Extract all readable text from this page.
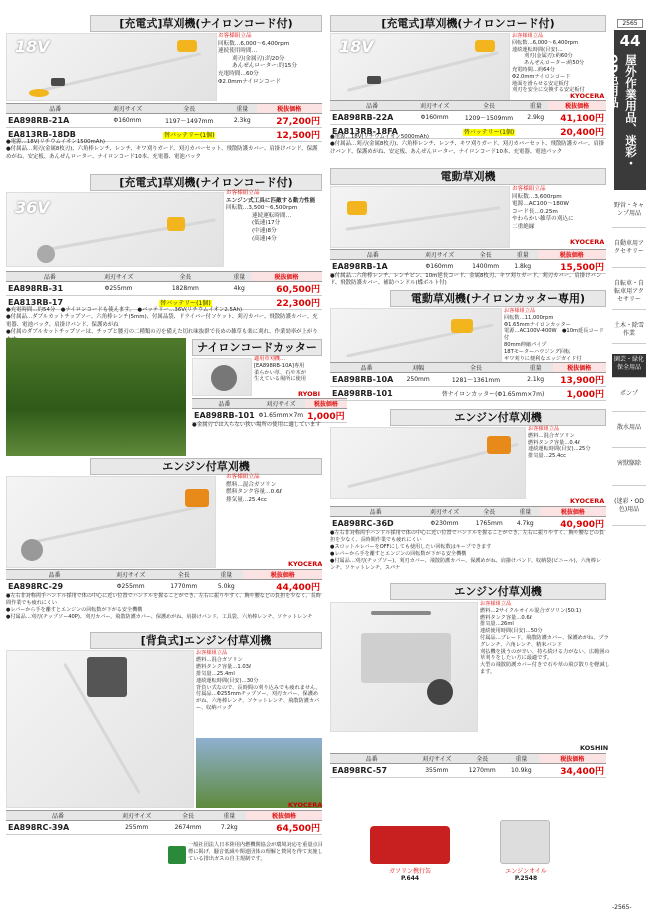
2565
44
屋外作業用品、迷彩・OD色用品
野営・キャンプ用品
自動車用アクセサリー
自転車・自転車用アクセサリー
土木・除雪作業
園芸・緑化保全用品
ポンプ
散水用品
害獣駆除
(迷彩・OD色)用品
[充電式]草刈機(ナイロンコード付)
18V
お客様組立品
回転数…6,000～6,400rpm
連続使用時間…
刈刃(金属刃):約20分
あんぜんローター:約15分
充電時間…60分
Φ2.0mmナイロンコード
品番	刈刃サイズ	全長	重量	税抜価格
EA898RB-21A	Φ160mm	1197～1497mm	2.3kg	27,200円
EA813RB-18DB		替バッテリー(1個)		12,500円
●電源…18V(リチウムイオン1500mAh)
●付属品…刈刃(金属8枚刃)、六角棒レンチ、レンチ、キワ刈りガード、刈刃カバーセット、飛散防護カバー、肩掛けバンド、保護めがね、安定板、あんぜんローター、ナイロンコード10本、充電器、電池パック
[充電式]草刈機(ナイロンコード付)
18V
お客様組立品
回転数…6,000～6,400rpm
連続運転時間(目安)…
刈刃(金属刃):約60分
あんぜんローター:約50分
充電時間…約64分
Φ2.0mmナイロンコード
地面を滑らせる安定板付
刈刃を安全に交換する安定板付
KYOCERA
品番	刈刃サイズ	全長	重量	税抜価格
EA898RB-22A	Φ160mm	1209～1509mm	2.9kg	41,100円
EA813RB-18FA		替バッテリー(1個)		20,400円
●電源…18V(リチウムイオン5000mAh)
●付属品…刈刃(金属8枚刃)、六角棒レンチ、レンチ、キワ刈りガード、刈刃カバーセット、飛散防護カバー、肩掛けバンド、保護めがね、安定板、あんぜんローター、ナイロンコード10本、充電器、電池パック
[充電式]草刈機(ナイロンコード付)
36V
お客様組立品
エンジン式工具に匹敵する動力性能
回転数…3,500～6,500rpm
連続運転時間…
(低速)17分
(中速)8分
(高速)4分
品番	刈刃サイズ	全長	重量	税抜価格
EA898RB-31	Φ255mm	1828mm	4kg	60,500円
EA813RB-17		替バッテリー(1個)		22,300円
●充電時間…約54分　●ナイロンコードも使えます。　●バッテリー…36V(リチウムイオン2.5Ah)
●付属品…ダブルカットチップソー、六角棒レンチ(5mm)、付属品袋、ドライバー付ソケット、刈刃カバー、飛散防護カバー、充電器、電池パック、肩掛けバンド、保護めがね
●付属のダブルカットチップソーは、チップと腰刃の二種類の刃を備えた切れ味抜群で長めの雑草も楽に刈れ、作業効率が上がり
電動草刈機
お客様組立品
回転数…3,600rpm
電源…AC100～180W
コード長…0.25m
やわらかい雑草の刈込に
二重絶縁
KYOCERA
品番	刈刃サイズ	全長	重量	税抜価格
EA898RB-1A	Φ160mm	1400mm	1.8kg	15,500円
●付属品…六角棒レンチ、レンチピン、10m延長コード、金属8枚刃、キワ刈りガード、刈刃カバー、肩掛けバンド、飛散防護カバー、補助ハンドル(蝶ボルト付)
ナイロンコードカッター
適用草刈機…
[EA898RB-10A]専用
柔らかい草、石や木が
生えている場所に使用
RYOBI
品番	刈刃サイズ	税抜価格
EA898RB-101	Φ1.65mm×7m	1,000円
●金属刃では入らない狭い場所の使用に適しています
電動草刈機(ナイロンカッター専用)
お客様組立品
回転数…11,000rpm
Φ1.65mmナイロンカッター
電源…AC100V-400W　●10m延長コード付
80mm伸縮パイプ
18Tモーターハウジング回転
ギワ刈りに便利なエッジガイド付
品番	刈幅	全長	重量	税抜価格
EA898RB-10A	250mm	1281～1361mm	2.1kg	13,900円
EA898RB-101		替ナイロンカッター(Φ1.65mm×7m)		1,000円
エンジン付草刈機
お客様組立品
燃料…混合ガソリン
燃料タンク容量…0.4ℓ
連続運転時間(目安)…25分
排気量…25.4cc
KYOCERA
品番	刈刃サイズ	全長	重量	税抜価格
EA898RC-36D	Φ230mm	1765mm	4.7kg	40,900円
●左右非対称両手ハンドル採用で体の中心に近い位置でハンドルを握ることができ、左右に振りやすく、腕や腰などの負担を少なく、長時間作業でも疲れにくい
●スロットルレバーをOFFにしても使用したい回転数はキープできます
●レバーから手を離すとエンジンの回転数が下がる安全機構
●付属品…刈刃(チップソー)、刈刃カバー、飛散防護カバー、保護めがね、肩掛けバンド、収納袋(ビニール)、六角棒レンチ、ソケットレンチ、スパナ
エンジン付草刈機
お客様組立品
燃料…混合ガソリン
燃料タンク容量…0.6ℓ
排気量…25.4cc
KYOCERA
品番	刈刃サイズ	全長	重量	税抜価格
EA898RC-29	Φ255mm	1770mm	5.0kg	44,400円
●左右非対称両手ハンドル採用で体の中心に近い位置でハンドルを握ることができ、左右に振りやすく、腕や腰などの負担を少なく、長時間作業でも疲れにくい
●レバーから手を離すとエンジンの回転数が下がる安全機構
●付属品…刈刃(チップソー40P)、刈刃カバー、飛散防護カバー、保護めがね、肩掛けバンド、工具袋、六角棒レンチ、ソケットレンチ
エンジン付草刈機
お客様組立品
燃料…2サイクルオイル混合ガソリン(50:1)
燃料タンク容量…0.6ℓ
排気量…26ml
連続使用時間(目安)…50分
付属品…ブレード、飛散防護カバー、保護めがね、プラグレンチ、六角レンチ、精米バンド
刈払機を扱うのが辛い、持ち続ける力がない、広範囲の草刈りをしたい方に最適です。
大型の飛散防護カバー付きで石や草の飛び散りを軽減します。
KOSHIN
品番	刈刃サイズ	全長	重量	税抜価格
EA898RC-57	355mm	1270mm	10.9kg	34,400円
[背負式]エンジン付草刈機
お客様組立品
燃料…混合ガソリン
燃料タンク容量…1.03ℓ
排気量…25.4ml
連続運転時間(目安)…30分
背負い式なので、長時間の刈り込みでも疲れません。
付属品…Φ255mmチップソー、刈刃カバー、保護めがね、六角棒レンチ、ソケットレンチ、飛散防護カバー、収納バッグ
KYOCERA
品番	刈刃サイズ	全長	重量	税抜価格
EA898RC-39A	255mm	2674mm	7.2kg	64,500円
一般社団法人日本陸用内燃機関協会が環境対応を重量点目標に掲げ、騒音低減や関連団体の理解と賛同を得て実施している排出ガスの自主規制です。
ガソリン携行缶
P.644
エンジンオイル
P.2548
-2565-
